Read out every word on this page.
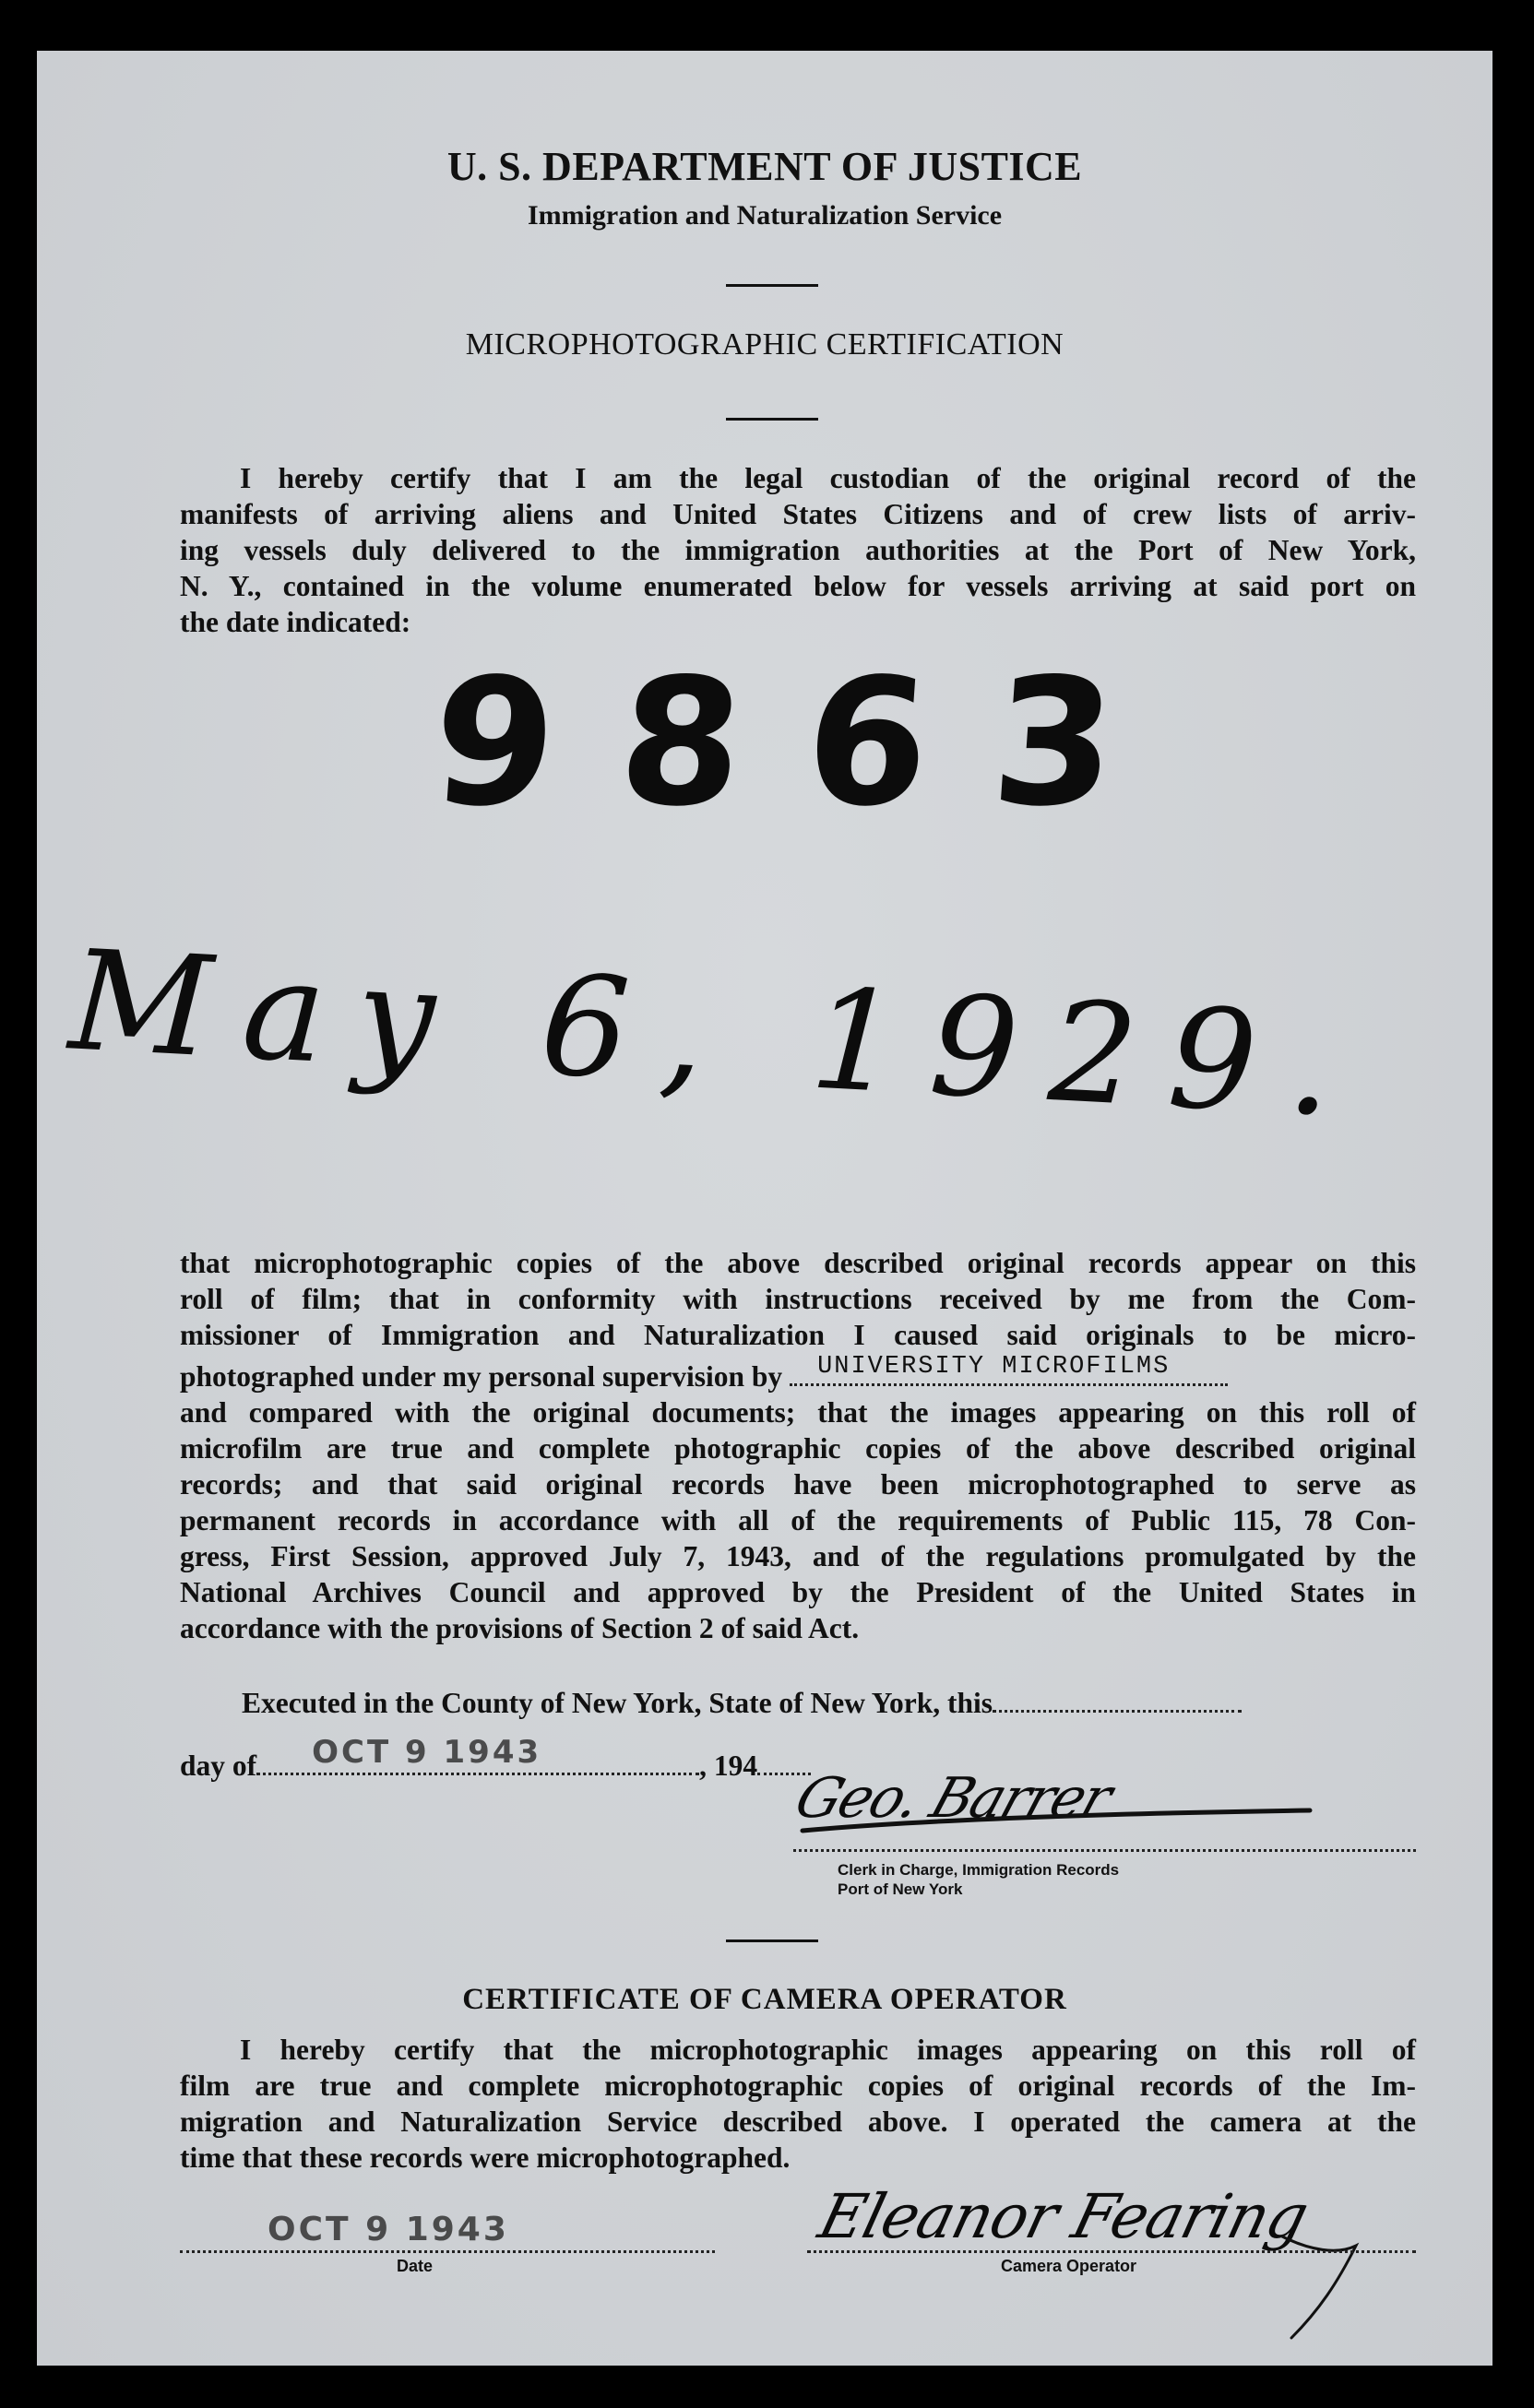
U. S. DEPARTMENT OF JUSTICE
Immigration and Naturalization Service
MICROPHOTOGRAPHIC CERTIFICATION
I hereby certify that I am the legal custodian of the original record of the
manifests of arriving aliens and United States Citizens and of crew lists of arriv-
ing vessels duly delivered to the immigration authorities at the Port of New York,
N. Y., contained in the volume enumerated below for vessels arriving at said port on
the date indicated:
9863
May 6, 1929.
that microphotographic copies of the above described original records appear on this
roll of film; that in conformity with instructions received by me from the Com-
missioner of Immigration and Naturalization I caused said originals to be micro-
photographed under my personal supervision by UNIVERSITY MICROFILMS
and compared with the original documents; that the images appearing on this roll of
microfilm are true and complete photographic copies of the above described original
records; and that said original records have been microphotographed to serve as
permanent records in accordance with all of the requirements of Public 115, 78 Con-
gress, First Session, approved July 7, 1943, and of the regulations promulgated by the
National Archives Council and approved by the President of the United States in
accordance with the provisions of Section 2 of said Act.
Executed in the County of New York, State of New York, this
day of OCT 9 1943	, 194
Geo. Barrer
Clerk in Charge, Immigration Records
Port of New York
CERTIFICATE OF CAMERA OPERATOR
I hereby certify that the microphotographic images appearing on this roll of
film are true and complete microphotographic copies of original records of the Im-
migration and Naturalization Service described above. I operated the camera at the
time that these records were microphotographed.
OCT 9 1943
Date
Eleanor Fearing
Camera Operator
